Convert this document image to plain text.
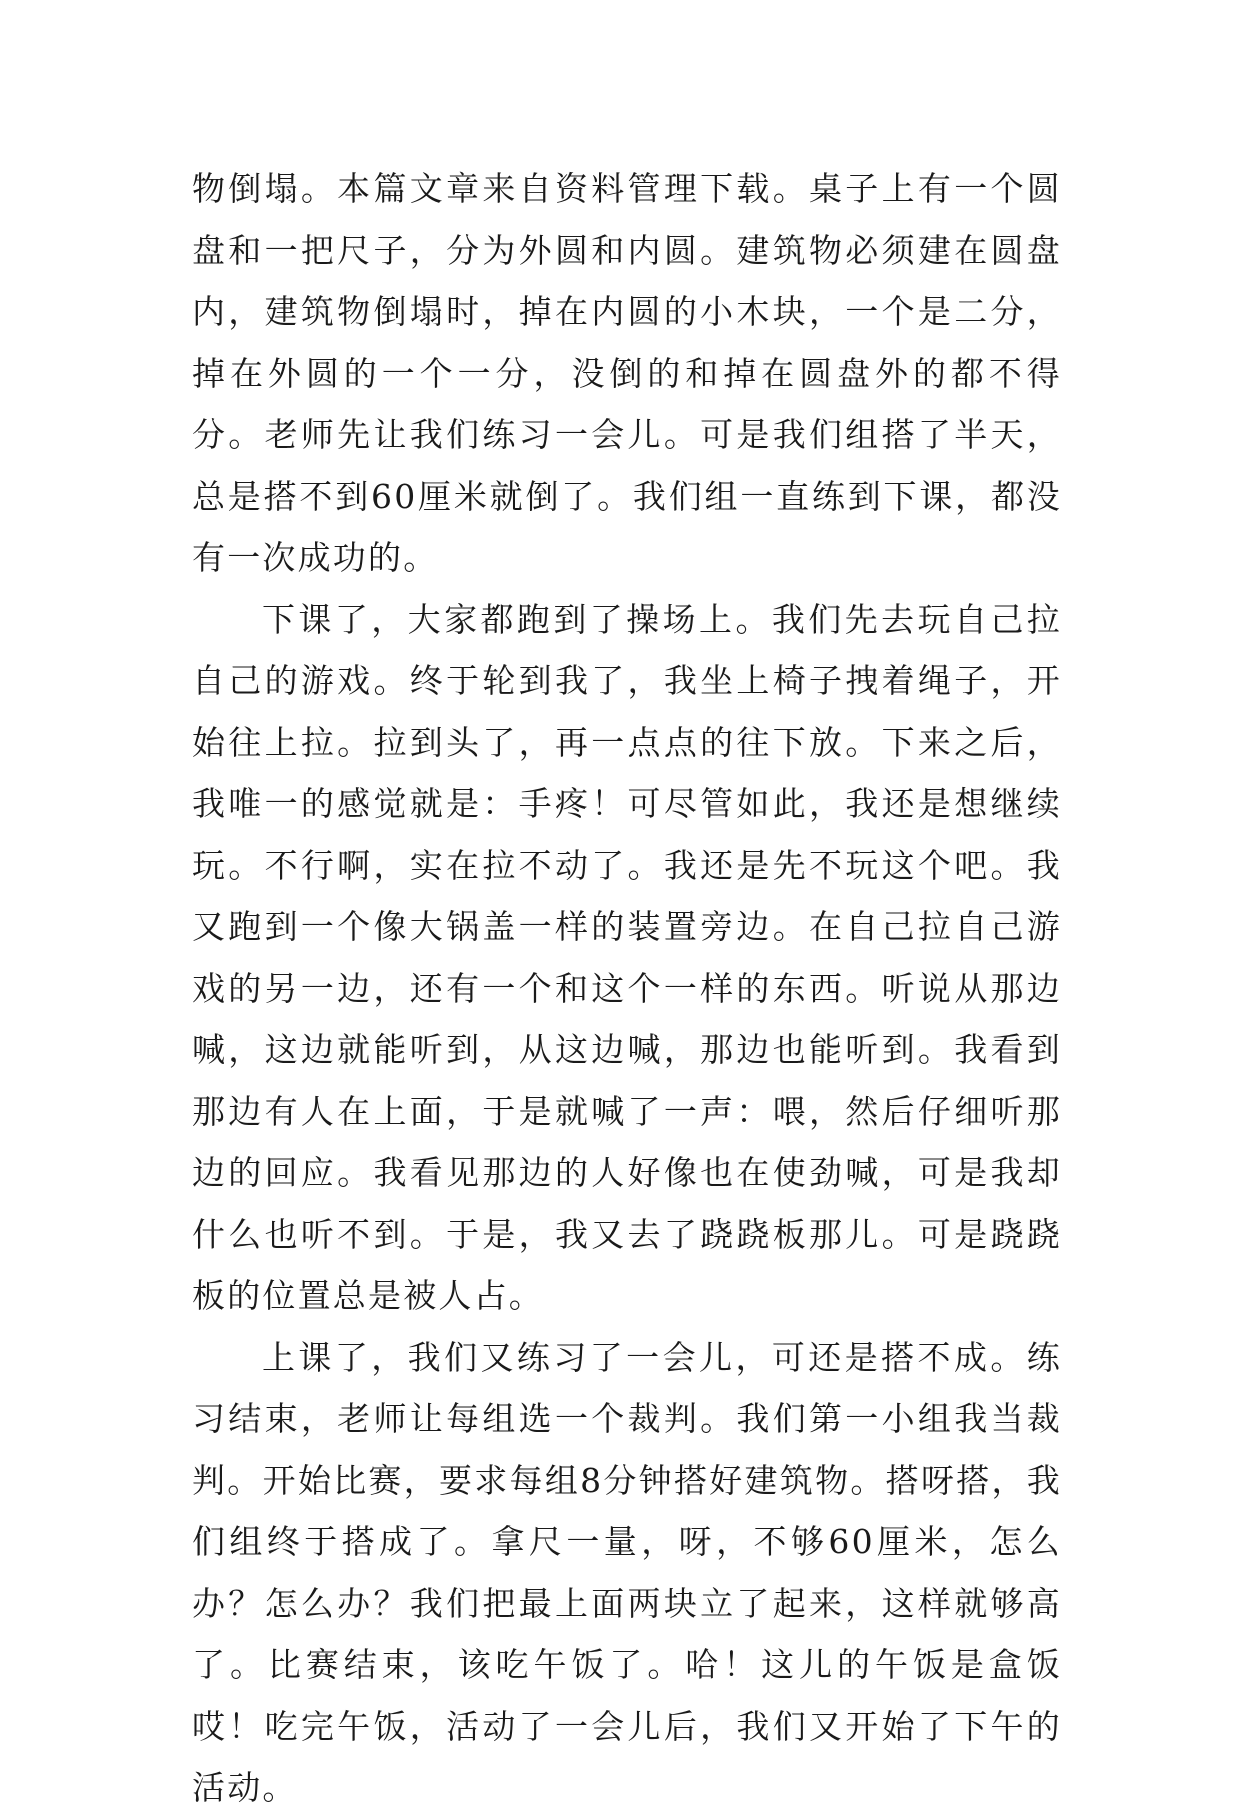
物倒塌。本篇文章来自资料管理下载。桌子上有一个圆盘和一把尺子，分为外圆和内圆。建筑物必须建在圆盘内，建筑物倒塌时，掉在内圆的小木块，一个是二分，掉在外圆的一个一分，没倒的和掉在圆盘外的都不得分。老师先让我们练习一会儿。可是我们组搭了半天，总是搭不到60厘米就倒了。我们组一直练到下课，都没有一次成功的。

下课了，大家都跑到了操场上。我们先去玩自己拉自己的游戏。终于轮到我了，我坐上椅子拽着绳子，开始往上拉。拉到头了，再一点点的往下放。下来之后，我唯一的感觉就是：手疼！可尽管如此，我还是想继续玩。不行啊，实在拉不动了。我还是先不玩这个吧。我又跑到一个像大锅盖一样的装置旁边。在自己拉自己游戏的另一边，还有一个和这个一样的东西。听说从那边喊，这边就能听到，从这边喊，那边也能听到。我看到那边有人在上面，于是就喊了一声：喂，然后仔细听那边的回应。我看见那边的人好像也在使劲喊，可是我却什么也听不到。于是，我又去了跷跷板那儿。可是跷跷板的位置总是被人占。

上课了，我们又练习了一会儿，可还是搭不成。练习结束，老师让每组选一个裁判。我们第一小组我当裁判。开始比赛，要求每组8分钟搭好建筑物。搭呀搭，我们组终于搭成了。拿尺一量，呀，不够60厘米，怎么办？怎么办？我们把最上面两块立了起来，这样就够高了。比赛结束，该吃午饭了。哈！这儿的午饭是盒饭哎！吃完午饭，活动了一会儿后，我们又开始了下午的活动。
